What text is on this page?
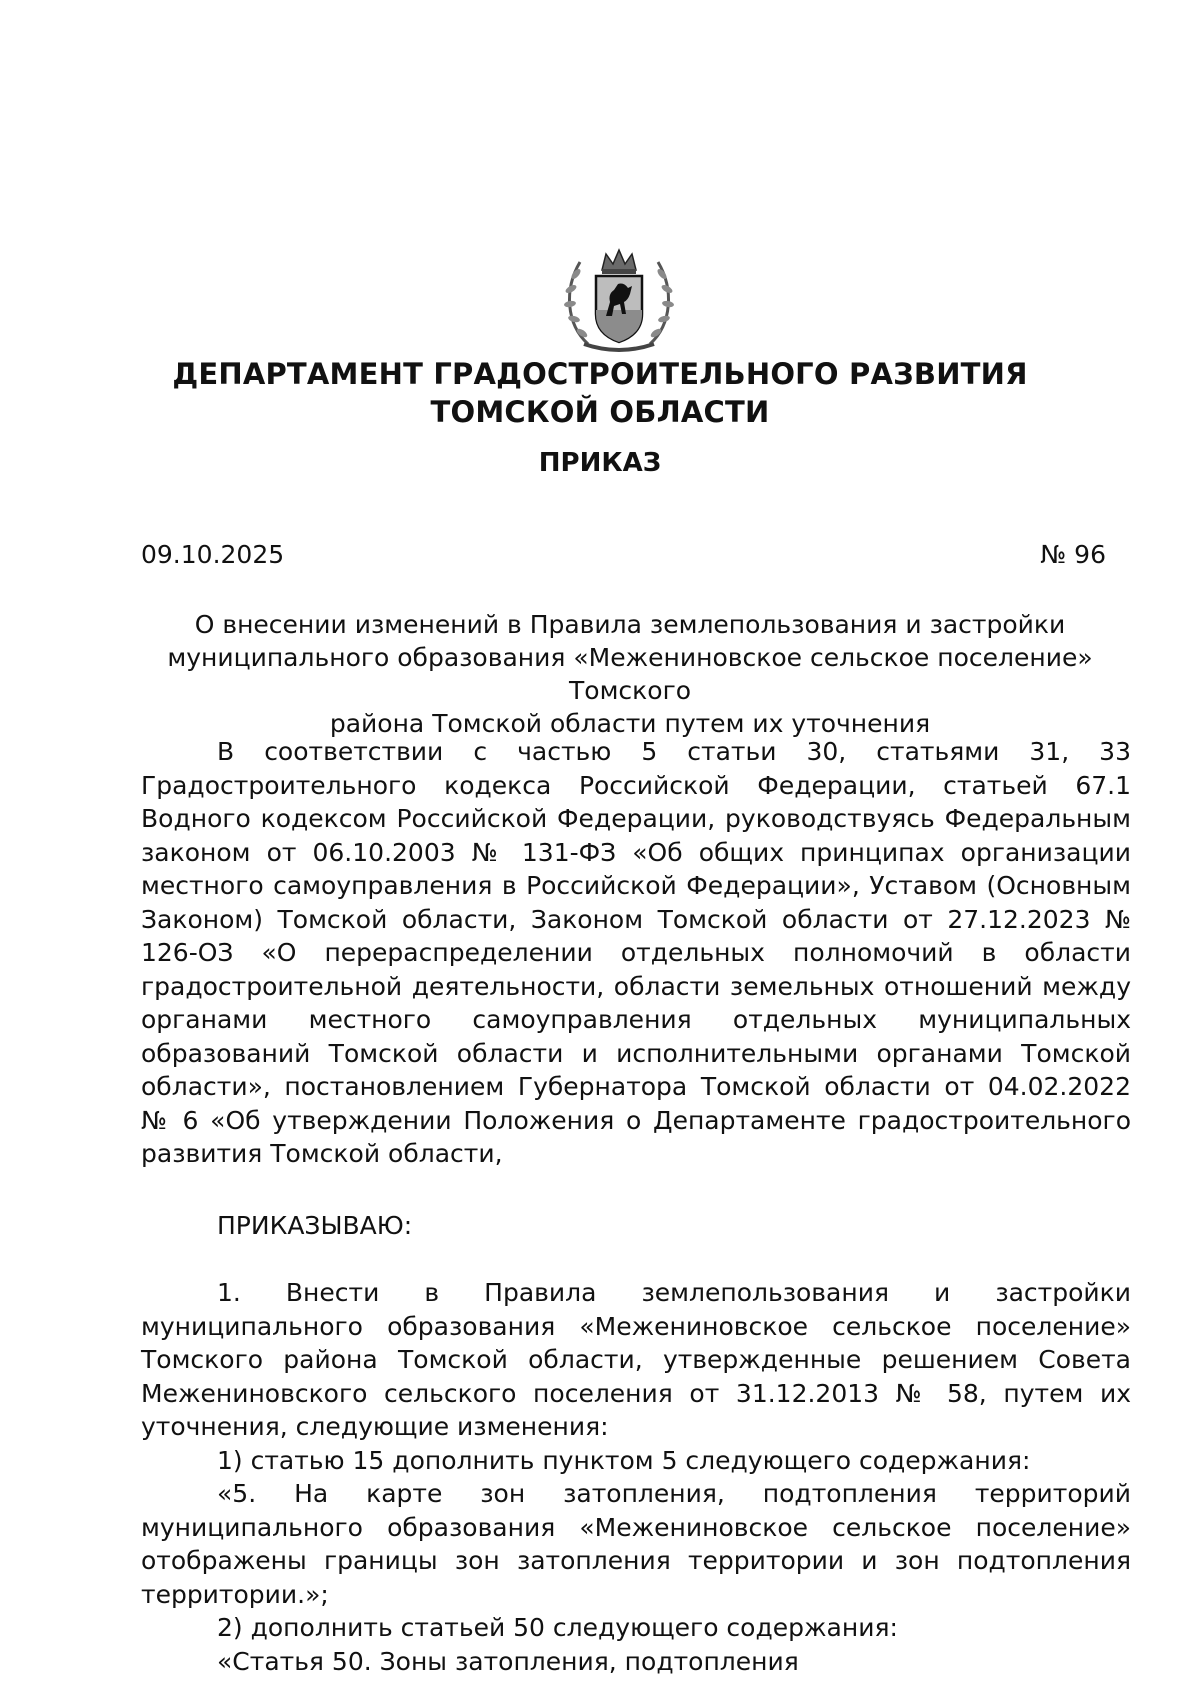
ДЕПАРТАМЕНТ ГРАДОСТРОИТЕЛЬНОГО РАЗВИТИЯ
ТОМСКОЙ ОБЛАСТИ
ПРИКАЗ
09.10.2025	№ 96
О внесении изменений в Правила землепользования и застройки
муниципального образования «Межениновское сельское поселение» Томского
района Томской области путем их уточнения

В соответствии с частью 5 статьи 30, статьями 31, 33 Градостроительного кодекса Российской Федерации, статьей 67.1 Водного кодексом Российской Федерации, руководствуясь Федеральным законом от 06.10.2003 № 131-ФЗ «Об общих принципах организации местного самоуправления в Российской Федерации», Уставом (Основным Законом) Томской области, Законом Томской области от 27.12.2023 № 126-ОЗ «О перераспределении отдельных полномочий в области градостроительной деятельности, области земельных отношений между органами местного самоуправления отдельных муниципальных образований Томской области и исполнительными органами Томской области», постановлением Губернатора Томской области от 04.02.2022 № 6 «Об утверждении Положения о Департаменте градостроительного развития Томской области,

ПРИКАЗЫВАЮ:

1. Внести в Правила землепользования и застройки муниципального образования «Межениновское сельское поселение» Томского района Томской области, утвержденные решением Совета Межениновского сельского поселения от 31.12.2013 № 58, путем их уточнения, следующие изменения:

1) статью 15 дополнить пунктом 5 следующего содержания:

«5. На карте зон затопления, подтопления территорий муниципального образования «Межениновское сельское поселение» отображены границы зон затопления территории и зон подтопления территории.»;

2) дополнить статьей 50 следующего содержания:

«Статья 50. Зоны затопления, подтопления
